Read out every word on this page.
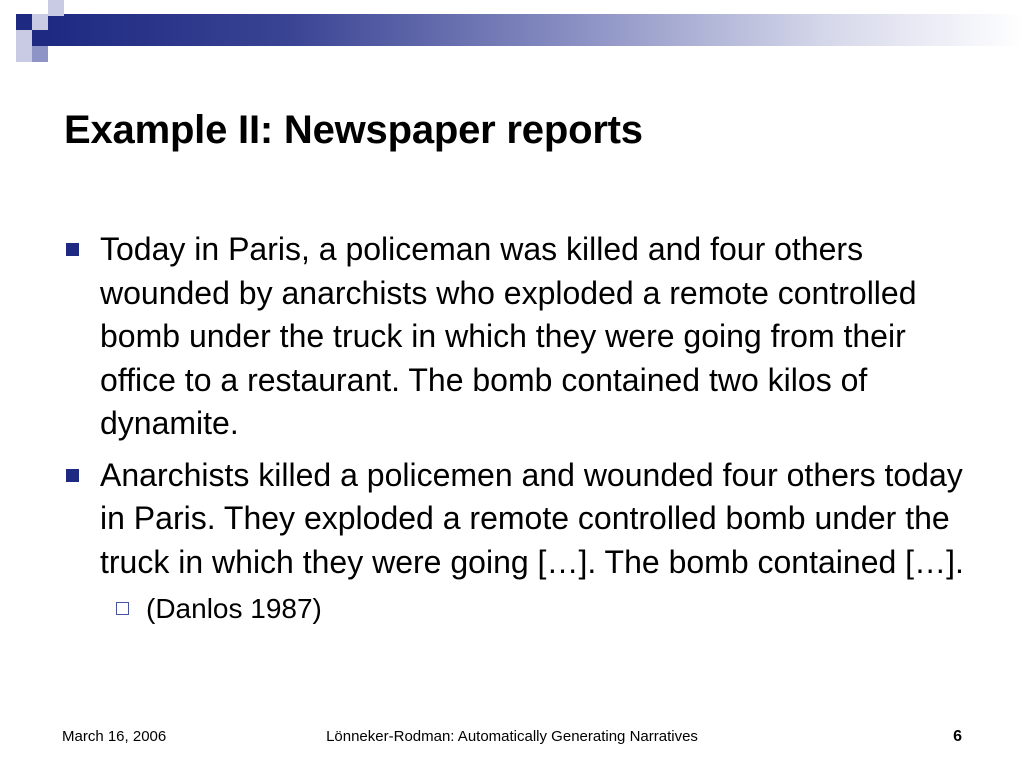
Example II: Newspaper reports
Today in Paris, a policeman was killed and four others wounded by anarchists who exploded a remote controlled bomb under the truck in which they were going from their office to a restaurant. The bomb contained two kilos of dynamite.
Anarchists killed a policemen and wounded four others today in Paris. They exploded a remote controlled bomb under the truck in which they were going […]. The bomb contained […].
(Danlos 1987)
March 16, 2006	Lönneker-Rodman: Automatically Generating Narratives	6
